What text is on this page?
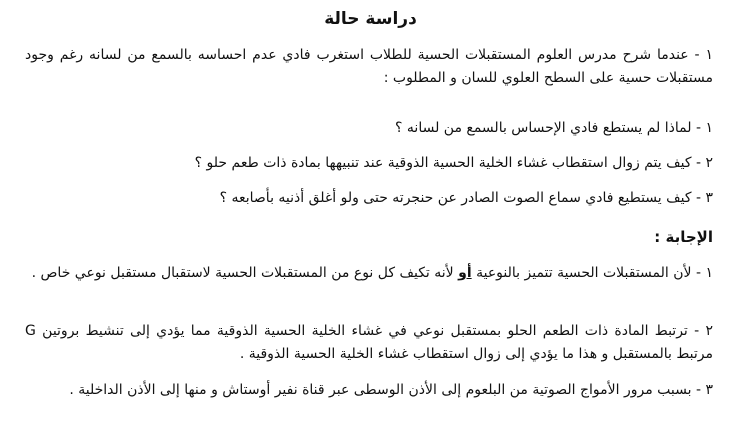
دراسة حالة
١ - عندما شرح مدرس العلوم المستقبلات الحسية للطلاب استغرب فادي عدم احساسه بالسمع من لسانه رغم وجود مستقبلات حسية على السطح العلوي للسان و المطلوب :
١ - لماذا لم يستطع فادي الإحساس بالسمع من لسانه ؟
٢ - كيف يتم زوال استقطاب غشاء الخلية الحسية الذوقية عند تنبيهها بمادة ذات طعم حلو ؟
٣ - كيف يستطيع فادي سماع الصوت الصادر عن حنجرته حتى ولو أغلق أذنيه بأصابعه ؟
الإجابة :
١ - لأن المستقبلات الحسية تتميز بالنوعية أو لأنه تكيف كل نوع من المستقبلات الحسية لاستقبال مستقبل نوعي خاص .
٢ - ترتبط المادة ذات الطعم الحلو بمستقبل نوعي في غشاء الخلية الحسية الذوقية مما يؤدي إلى تنشيط بروتين G مرتبط بالمستقبل و هذا ما يؤدي إلى زوال استقطاب غشاء الخلية الحسية الذوقية .
٣ - بسبب مرور الأمواج الصوتية من البلعوم إلى الأذن الوسطى عبر قناة نفير أوستاش و منها إلى الأذن الداخلية .
